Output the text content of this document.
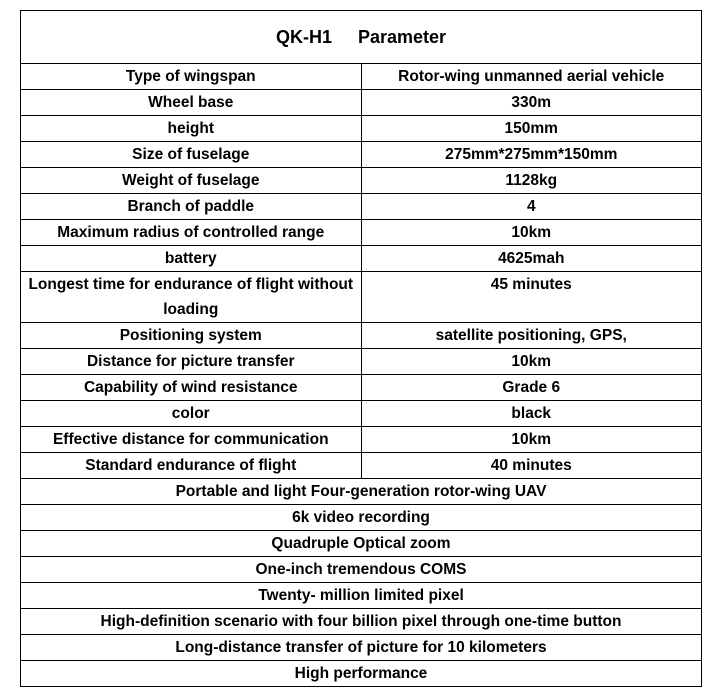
QK-H1 Parameter	
Type of wingspan	Rotor-wing unmanned aerial vehicle
Wheel base	330m
height	150mm
Size of fuselage	275mm*275mm*150mm
Weight of fuselage	1128kg
Branch of paddle	4
Maximum radius of controlled range	10km
battery	4625mah
Longest time for endurance of flight without loading	45 minutes
Positioning system	satellite positioning, GPS,
Distance for picture transfer	10km
Capability of wind resistance	Grade 6
color	black
Effective distance for communication	10km
Standard endurance of flight	40 minutes
Portable and light Four-generation rotor-wing UAV	
6k video recording	
Quadruple Optical zoom	
One-inch tremendous COMS	
Twenty- million limited pixel	
High-definition scenario with four billion pixel through one-time button	
Long-distance transfer of picture for 10 kilometers	
High performance	
